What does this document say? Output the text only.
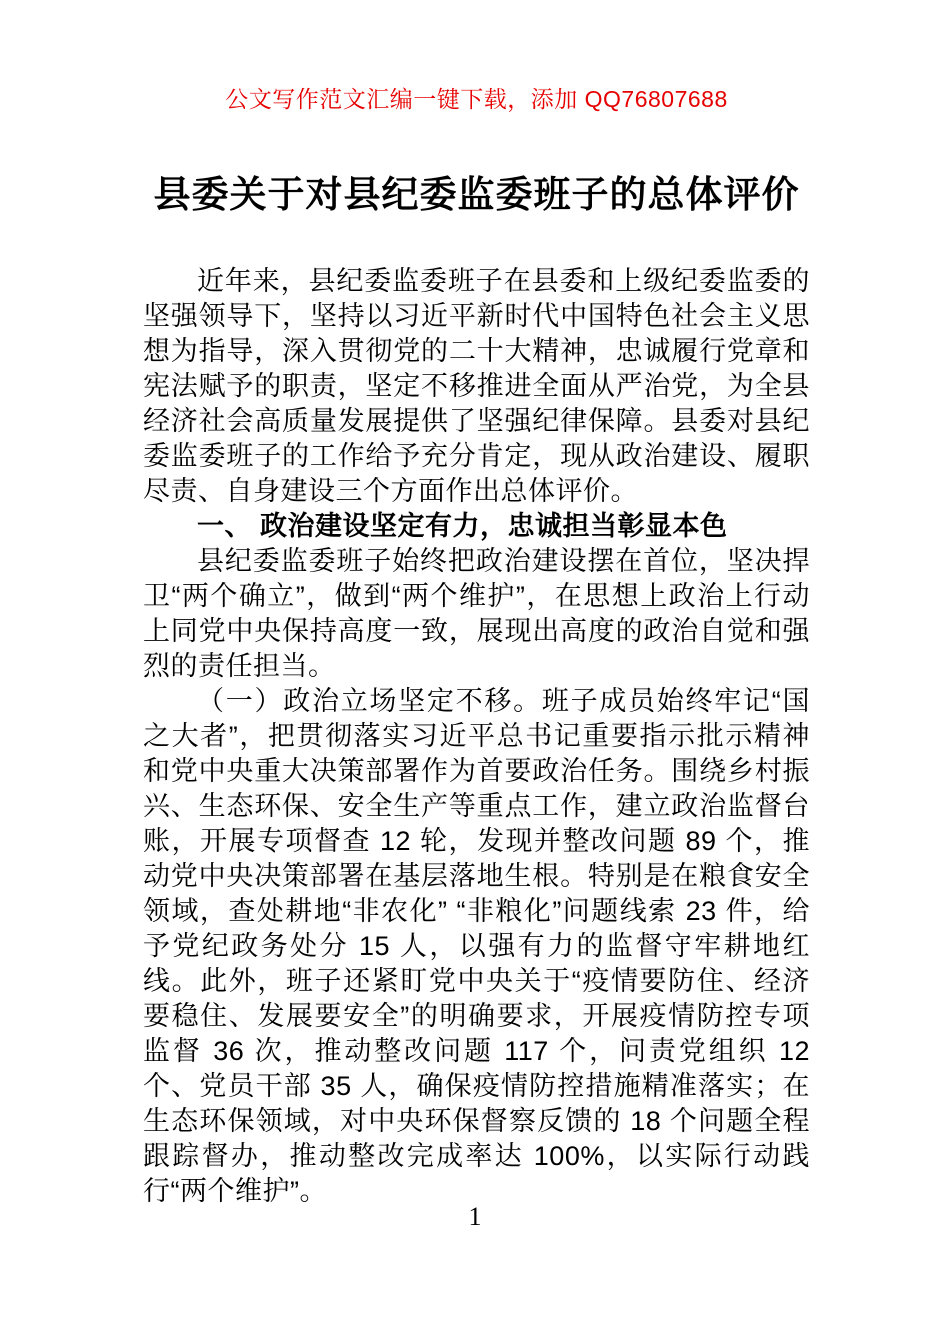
公文写作范文汇编一键下载，添加 QQ76807688
县委关于对县纪委监委班子的总体评价

近年来，县纪委监委班子在县委和上级纪委监委的坚强领导下，坚持以习近平新时代中国特色社会主义思想为指导，深入贯彻党的二十大精神，忠诚履行党章和宪法赋予的职责，坚定不移推进全面从严治党，为全县经济社会高质量发展提供了坚强纪律保障。县委对县纪委监委班子的工作给予充分肯定，现从政治建设、履职尽责、自身建设三个方面作出总体评价。

一、 政治建设坚定有力，忠诚担当彰显本色

县纪委监委班子始终把政治建设摆在首位，坚决捍卫“两个确立”，做到“两个维护”，在思想上政治上行动上同党中央保持高度一致，展现出高度的政治自觉和强烈的责任担当。

（一）政治立场坚定不移。班子成员始终牢记“国之大者”，把贯彻落实习近平总书记重要指示批示精神和党中央重大决策部署作为首要政治任务。围绕乡村振兴、生态环保、安全生产等重点工作，建立政治监督台账，开展专项督查 12 轮，发现并整改问题 89 个，推动党中央决策部署在基层落地生根。特别是在粮食安全领域，查处耕地“非农化” “非粮化”问题线索 23 件，给予党纪政务处分 15 人，以强有力的监督守牢耕地红线。此外，班子还紧盯党中央关于“疫情要防住、经济要稳住、发展要安全”的明确要求，开展疫情防控专项监督 36 次，推动整改问题 117 个，问责党组织 12 个、党员干部 35 人，确保疫情防控措施精准落实；在生态环保领域，对中央环保督察反馈的 18 个问题全程跟踪督办，推动整改完成率达 100%，以实际行动践行“两个维护”。

1
